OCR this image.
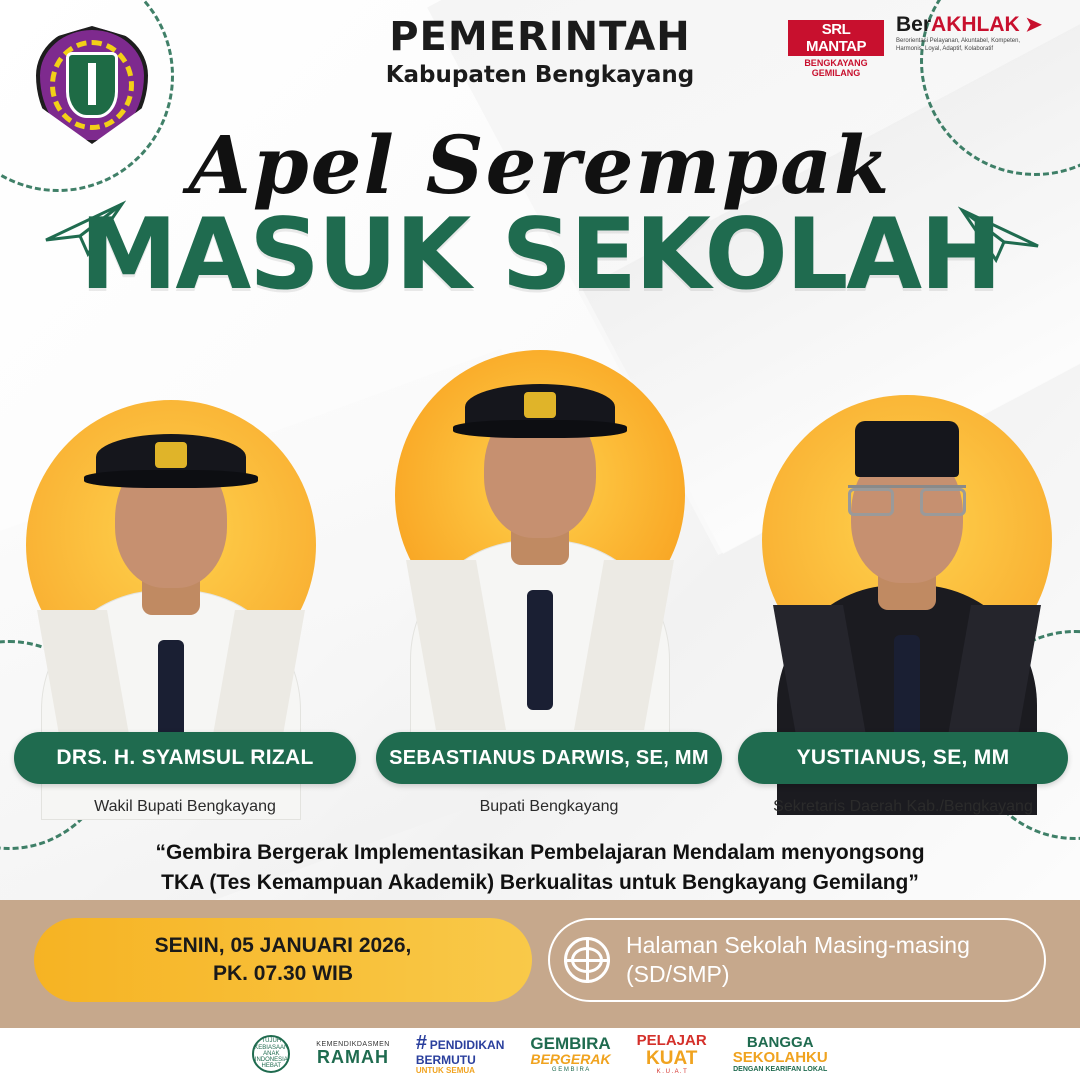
PEMERINTAH
Kabupaten Bengkayang
SRL MANTAP
BENGKAYANG GEMILANG
➤
BerAKHLAK
Berorientasi Pelayanan, Akuntabel, Kompeten, Harmonis, Loyal, Adaptif, Kolaboratif
Apel Serempak
MASUK SEKOLAH
DRS. H. SYAMSUL RIZAL	SEBASTIANUS DARWIS, SE, MM	YUSTIANUS, SE, MM
Wakil Bupati Bengkayang	Bupati Bengkayang	Sekretaris Daerah Kab./Bengkayang
“Gembira Bergerak Implementasikan Pembelajaran Mendalam menyongsong
TKA (Tes Kemampuan Akademik) Berkualitas untuk Bengkayang Gemilang”
SENIN, 05 JANUARI 2026,
PK. 07.30 WIB
Halaman Sekolah Masing-masing
(SD/SMP)
TUJUH KEBIASAAN ANAK INDONESIA HEBAT
KEMENDIKDASMEN
RAMAH
# PENDIDIKAN
BERMUTU
UNTUK SEMUA
GEMBIRA
BERGERAK
G E M B I R A
PELAJAR
KUAT
K . U . A . T
BANGGA
SEKOLAHKU
DENGAN KEARIFAN LOKAL
